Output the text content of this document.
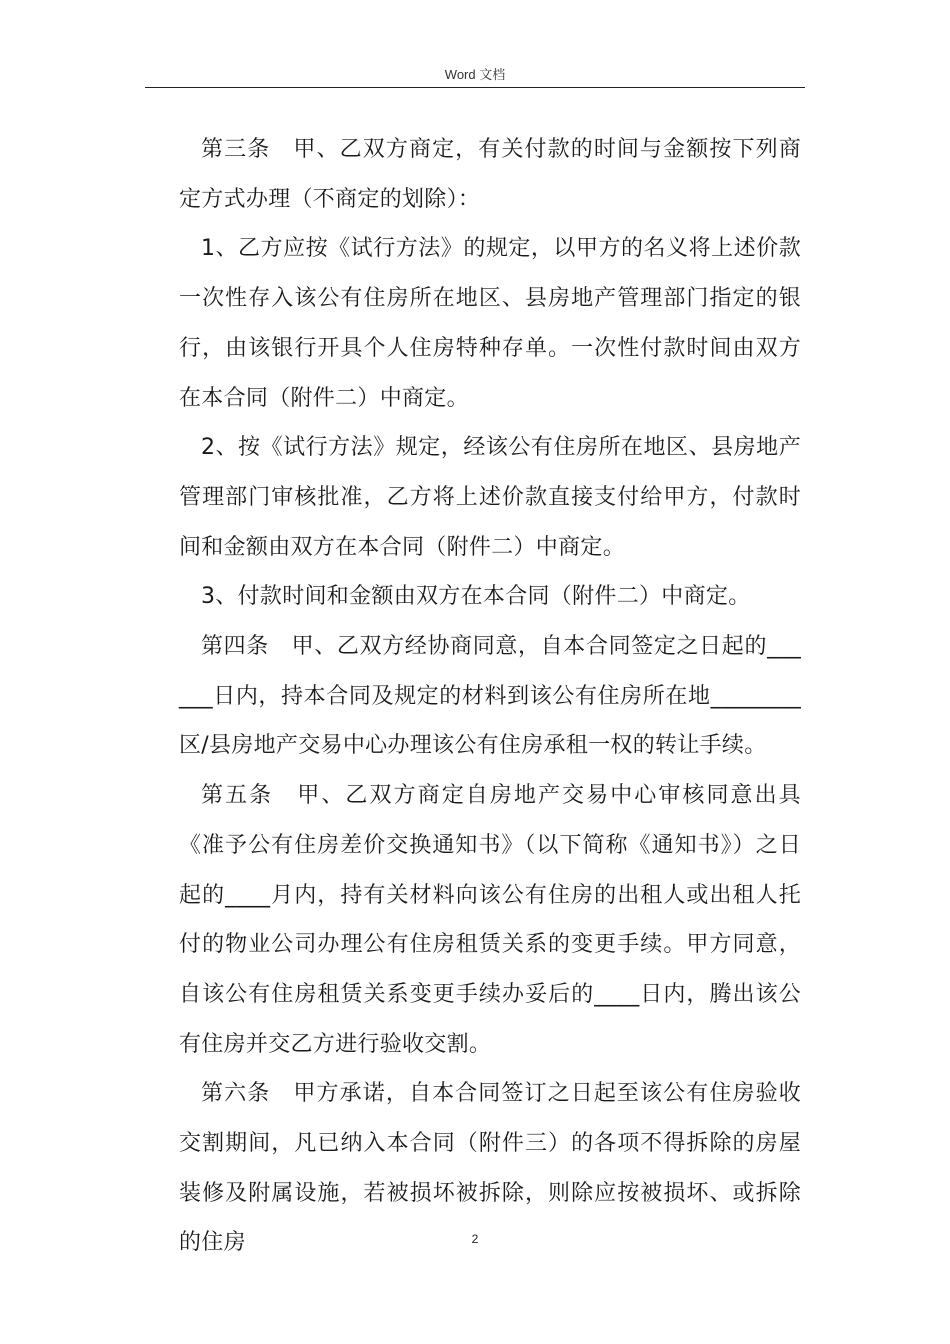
Word 文档

第三条　甲、乙双方商定，有关付款的时间与金额按下列商定方式办理（不商定的划除）：

1、乙方应按《试行方法》的规定，以甲方的名义将上述价款一次性存入该公有住房所在地区、县房地产管理部门指定的银行，由该银行开具个人住房特种存单。一次性付款时间由双方在本合同（附件二）中商定。

2、按《试行方法》规定，经该公有住房所在地区、县房地产管理部门审核批准，乙方将上述价款直接支付给甲方，付款时间和金额由双方在本合同（附件二）中商定。

3、付款时间和金额由双方在本合同（附件二）中商定。

第四条　甲、乙双方经协商同意，自本合同签定之日起的______日内，持本合同及规定的材料到该公有住房所在地________区/县房地产交易中心办理该公有住房承租一权的转让手续。

第五条　甲、乙双方商定自房地产交易中心审核同意出具《准予公有住房差价交换通知书》（以下简称《通知书》）之日起的____月内，持有关材料向该公有住房的出租人或出租人托付的物业公司办理公有住房租赁关系的变更手续。甲方同意，自该公有住房租赁关系变更手续办妥后的____日内，腾出该公有住房并交乙方进行验收交割。

第六条　甲方承诺，自本合同签订之日起至该公有住房验收交割期间，凡已纳入本合同（附件三）的各项不得拆除的房屋装修及附属设施，若被损坏被拆除，则除应按被损坏、或拆除的住房	2
